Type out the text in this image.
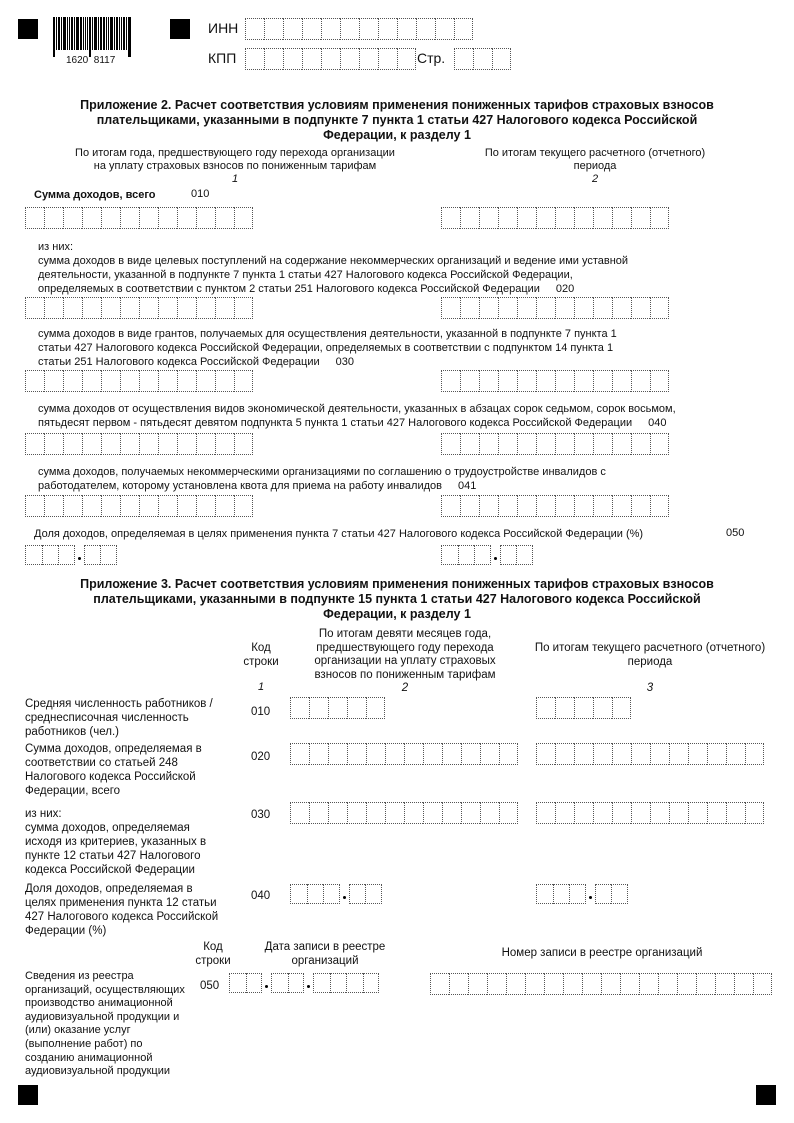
1620  8117
ИНН
КПП	Стр.
Приложение 2. Расчет соответствия условиям применения пониженных тарифов страховых взносов
плательщиками, указанными в подпункте 7 пункта 1 статьи 427 Налогового кодекса Российской
Федерации, к разделу 1
По итогам года, предшествующего году перехода организации
на уплату страховых взносов по пониженным тарифам
1
По итогам текущего расчетного (отчетного)
периода
2
Сумма доходов, всего	010
из них:
сумма доходов в виде целевых поступлений на содержание некоммерческих организаций и ведение ими уставной
деятельности, указанной в подпункте 7 пункта 1 статьи 427 Налогового кодекса Российской Федерации,
определяемых в соответствии с пунктом 2 статьи 251 Налогового кодекса Российской Федерации 020
сумма доходов в виде грантов, получаемых для осуществления деятельности, указанной в подпункте 7 пункта 1
статьи 427 Налогового кодекса Российской Федерации, определяемых в соответствии с подпунктом 14 пункта 1
статьи 251 Налогового кодекса Российской Федерации 030
сумма доходов от осуществления видов экономической деятельности, указанных в абзацах сорок седьмом, сорок восьмом,
пятьдесят первом - пятьдесят девятом подпункта 5 пункта 1 статьи 427 Налогового кодекса Российской Федерации 040
сумма доходов, получаемых некоммерческими организациями по соглашению о трудоустройстве инвалидов с
работодателем, которому установлена квота для приема на работу инвалидов 041
Доля доходов, определяемая в целях применения пункта 7 статьи 427 Налогового кодекса Российской Федерации (%)	050
Приложение 3. Расчет соответствия условиям применения пониженных тарифов страховых взносов
плательщиками, указанными в подпункте 15 пункта 1 статьи 427 Налогового кодекса Российской
Федерации, к разделу 1
Код
строки
1
По итогам девяти месяцев года,
предшествующего году перехода
организации на уплату страховых
взносов по пониженным тарифам
2
По итогам текущего расчетного (отчетного)
периода
3
Средняя численность работников /
среднесписочная численность
работников (чел.)
010
Сумма доходов, определяемая в
соответствии со статьей 248
Налогового кодекса Российской
Федерации, всего
020
из них:
сумма доходов, определяемая
исходя из критериев, указанных в
пункте 12 статьи 427 Налогового
кодекса Российской Федерации
030
Доля доходов, определяемая в
целях применения пункта 12 статьи
427 Налогового кодекса Российской
Федерации (%)
040
Код
строки
Дата записи в реестре
организаций
Номер записи в реестре организаций
Сведения из реестра
организаций, осуществляющих
производство анимационной
аудиовизуальной продукции и
(или) оказание услуг
(выполнение работ) по
созданию анимационной
аудиовизуальной продукции
050
